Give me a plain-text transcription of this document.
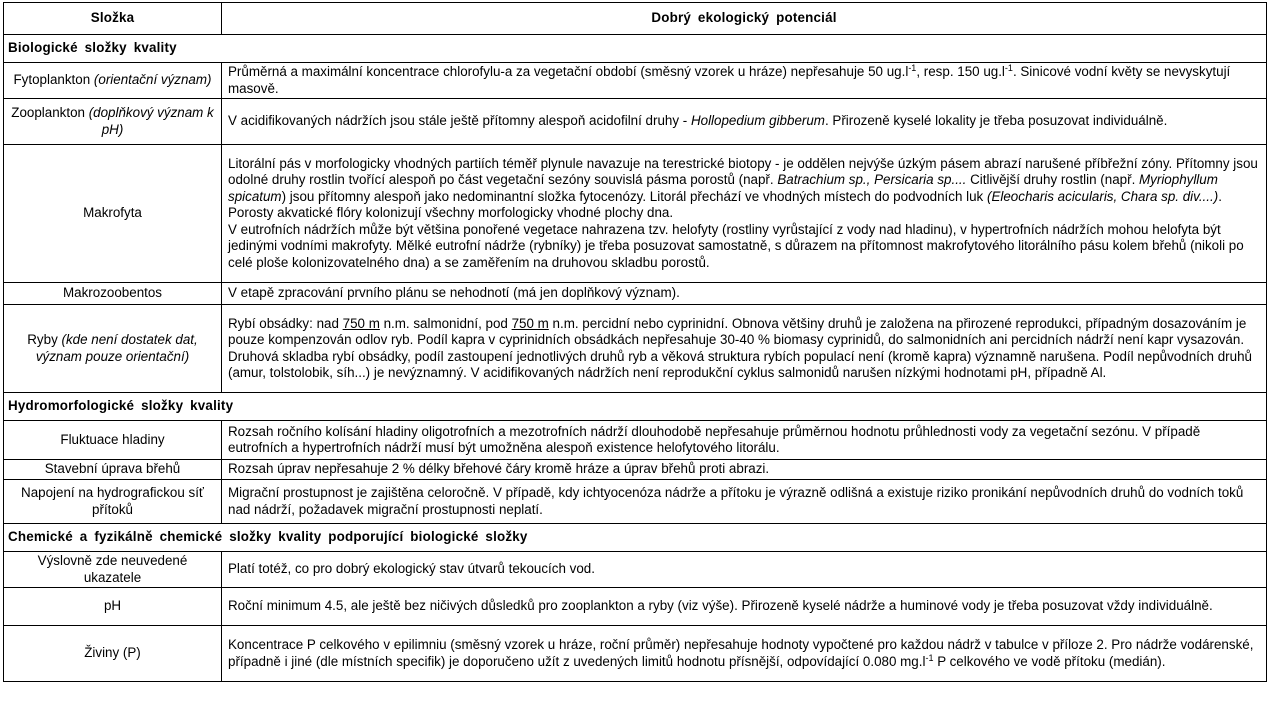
Složka	Dobrý ekologický potenciál
Biologické složky kvality	
Fytoplankton (orientační význam)	Průměrná a maximální koncentrace chlorofylu-a za vegetační období (směsný vzorek u hráze) nepřesahuje 50 $ug.l^{-1}$, resp. 150 $ug.l^{-1}$. Sinicové vodní květy se nevyskytují masově.
Zooplankton (doplňkový význam k pH)	V acidifikovaných nádržích jsou stále ještě přítomny alespoň acidofilní druhy - Hollopedium gibberum. Přirozeně kyselé lokality je třeba posuzovat individuálně.
Makrofyta	Litorální pás v morfologicky vhodných partiích téměř plynule navazuje na terestrické biotopy - je oddělen nejvýše úzkým pásem abrazí narušené příbřežní zóny. Přítomny jsou odolné druhy rostlin tvořící alespoň po část vegetační sezóny souvislá pásma porostů (např. Batrachium sp., Persicaria sp.... Citlivější druhy rostlin (např. Myriophyllum spicatum) jsou přítomny alespoň jako nedominantní složka fytocenózy. Litorál přechází ve vhodných místech do podvodních luk (Eleocharis acicularis, Chara sp. div....). Porosty akvatické flóry kolonizují všechny morfologicky vhodné plochy dna.
V eutrofních nádržích může být většina ponořené vegetace nahrazena tzv. helofyty (rostliny vyrůstající z vody nad hladinu), v hypertrofních nádržích mohou helofyta být jedinými vodními makrofyty. Mělké eutrofní nádrže (rybníky) je třeba posuzovat samostatně, s důrazem na přítomnost makrofytového litorálního pásu kolem břehů (nikoli po celé ploše kolonizovatelného dna) a se zaměřením na druhovou skladbu porostů.
Makrozoobentos	V etapě zpracování prvního plánu se nehodnotí (má jen doplňkový význam).
Ryby (kde není dostatek dat, význam pouze orientační)	Rybí obsádky: nad 750 m n.m. salmonidní, pod 750 m n.m. percidní nebo cyprinidní. Obnova většiny druhů je založena na přirozené reprodukci, případným dosazováním je pouze kompenzován odlov ryb. Podíl kapra v cyprinidních obsádkách nepřesahuje 30-40 % biomasy cyprinidů, do salmonidních ani percidních nádrží není kapr vysazován. Druhová skladba rybí obsádky, podíl zastoupení jednotlivých druhů ryb a věková struktura rybích populací není (kromě kapra) významně narušena. Podíl nepůvodních druhů (amur, tolstolobik, síh...) je nevýznamný. V acidifikovaných nádržích není reprodukční cyklus salmonidů narušen nízkými hodnotami pH, případně Al.
Hydromorfologické složky kvality	
Fluktuace hladiny	Rozsah ročního kolísání hladiny oligotrofních a mezotrofních nádrží dlouhodobě nepřesahuje průměrnou hodnotu průhlednosti vody za vegetační sezónu. V případě eutrofních a hypertrofních nádrží musí být umožněna alespoň existence helofytového litorálu.
Stavební úprava břehů	Rozsah úprav nepřesahuje 2 % délky břehové čáry kromě hráze a úprav břehů proti abrazi.
Napojení na hydrografickou síť přítoků	Migrační prostupnost je zajištěna celoročně. V případě, kdy ichtyocenóza nádrže a přítoku je výrazně odlišná a existuje riziko pronikání nepůvodních druhů do vodních toků nad nádrží, požadavek migrační prostupnosti neplatí.
Chemické a fyzikálně chemické složky kvality podporující biologické složky	
Výslovně zde neuvedené ukazatele	Platí totéž, co pro dobrý ekologický stav útvarů tekoucích vod.
pH	Roční minimum 4.5, ale ještě bez ničivých důsledků pro zooplankton a ryby (viz výše). Přirozeně kyselé nádrže a huminové vody je třeba posuzovat vždy individuálně.
Živiny (P)	Koncentrace P celkového v epilimniu (směsný vzorek u hráze, roční průměr) nepřesahuje hodnoty vypočtené pro každou nádrž v tabulce v příloze 2. Pro nádrže vodárenské, případně i jiné (dle místních specifik) je doporučeno užít z uvedených limitů hodnotu přísnější, odpovídající 0.080 $mg.l^{-1}$ P celkového ve vodě přítoku (medián).
